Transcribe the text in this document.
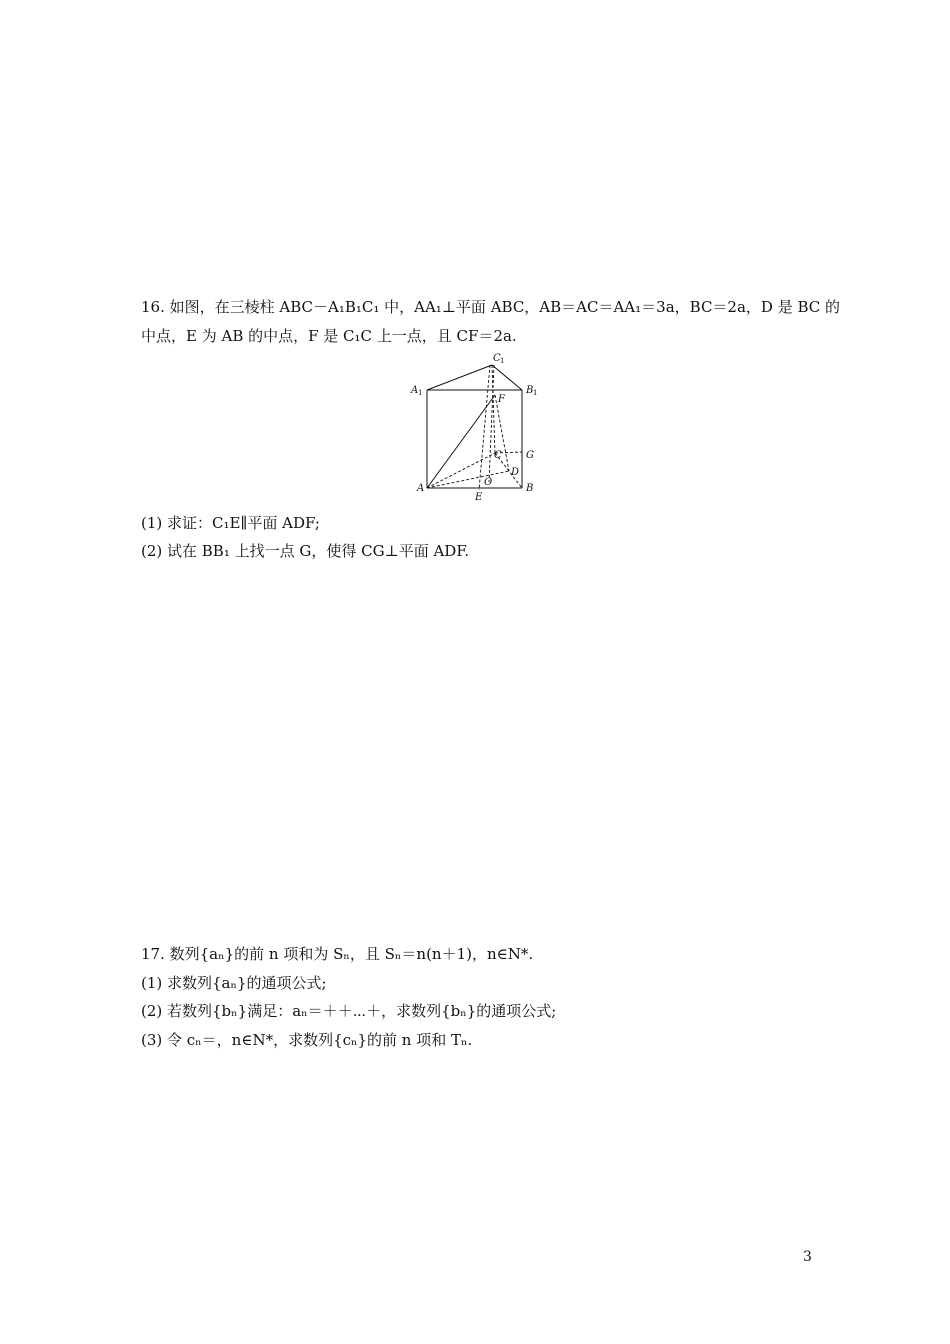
16. 如图，在三棱柱 ABC－A₁B₁C₁ 中，AA₁⊥平面 ABC，AB＝AC＝AA₁＝3a，BC＝2a，D 是 BC 的
中点，E 为 AB 的中点，F 是 C₁C 上一点，且 CF＝2a.
C 1
A 1	B 1
F
G
C
D
O
A	B
E
(1) 求证：C₁E∥平面 ADF;
(2) 试在 BB₁ 上找一点 G，使得 CG⊥平面 ADF.
17. 数列{aₙ}的前 n 项和为 Sₙ，且 Sₙ＝n(n＋1)，n∈N*.
(1) 求数列{aₙ}的通项公式;
(2) 若数列{bₙ}满足：aₙ＝＋＋⋯＋，求数列{bₙ}的通项公式;
(3) 令 cₙ＝，n∈N*，求数列{cₙ}的前 n 项和 Tₙ.
3
